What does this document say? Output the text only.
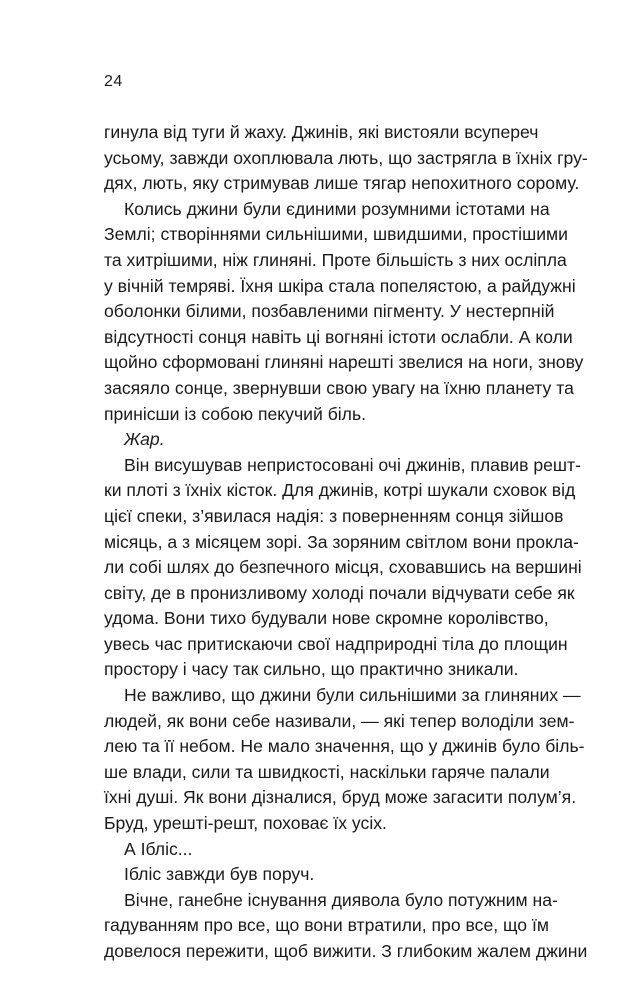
24
гинула від туги й жаху. Джинів, які вистояли всупереч
усьому, завжди охоплювала лють, що застрягла в їхніх гру-
дях, лють, яку стримував лише тягар непохитного сорому.
Колись джини були єдиними розумними істотами на
Землі; створіннями сильнішими, швидшими, простішими
та хитрішими, ніж глиняні. Проте більшість з них осліпла
у вічній темряві. Їхня шкіра стала попелястою, а райдужні
оболонки білими, позбавленими пігменту. У нестерпній
відсутності сонця навіть ці вогняні істоти ослабли. А коли
щойно сформовані глиняні нарешті звелися на ноги, знову
засяяло сонце, звернувши свою увагу на їхню планету та
принісши із собою пекучий біль.
Жар.
Він висушував непристосовані очі джинів, плавив решт-
ки плоті з їхніх кісток. Для джинів, котрі шукали сховок від
цієї спеки, з’явилася надія: з поверненням сонця зійшов
місяць, а з місяцем зорі. За зоряним світлом вони прокла-
ли собі шлях до безпечного місця, сховавшись на вершині
світу, де в пронизливому холоді почали відчувати себе як
удома. Вони тихо будували нове скромне королівство,
увесь час притискаючи свої надприродні тіла до площин
простору і часу так сильно, що практично зникали.
Не важливо, що джини були сильнішими за глиняних —
людей, як вони себе називали, — які тепер володіли зем-
лею та її небом. Не мало значення, що у джинів було біль-
ше влади, сили та швидкості, наскільки гаряче палали
їхні душі. Як вони дізналися, бруд може загасити полум’я.
Бруд, урешті-решт, поховає їх усіх.
А Ібліс...
Ібліс завжди був поруч.
Вічне, ганебне існування диявола було потужним на-
гадуванням про все, що вони втратили, про все, що їм
довелося пережити, щоб вижити. З глибоким жалем джини
